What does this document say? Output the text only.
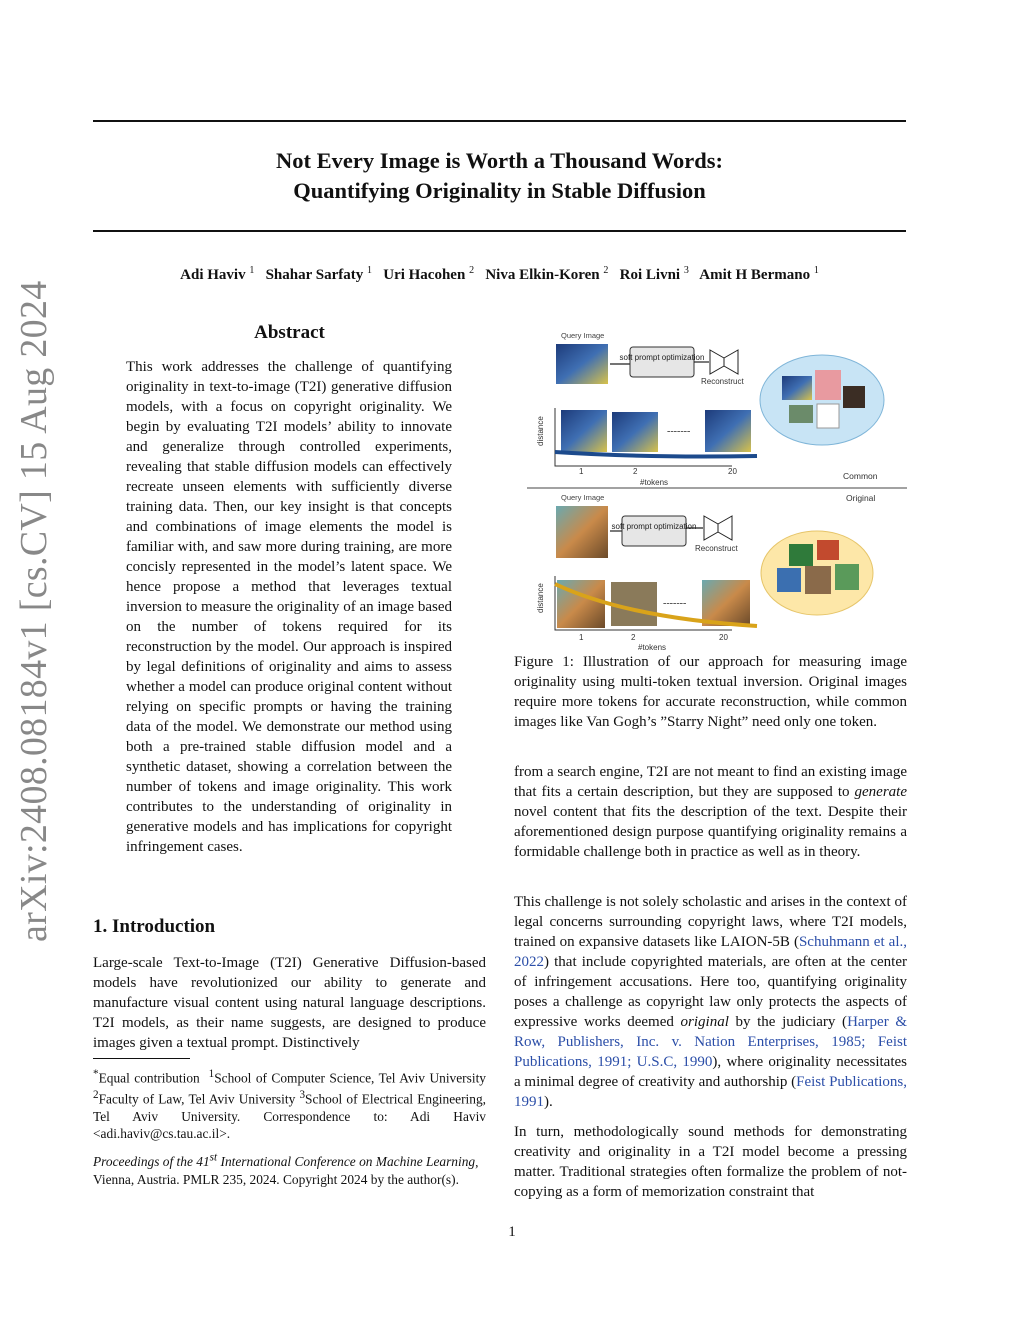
arXiv:2408.08184v1 [cs.CV] 15 Aug 2024
Not Every Image is Worth a Thousand Words:
Quantifying Originality in Stable Diffusion
Adi Haviv $^1$ Shahar Sarfaty $^1$ Uri Hacohen $^2$ Niva Elkin-Koren $^2$ Roi Livni $^3$ Amit H Bermano $^1$
Abstract
This work addresses the challenge of quantifying originality in text-to-image (T2I) generative diffusion models, with a focus on copyright originality. We begin by evaluating T2I models’ ability to innovate and generalize through controlled experiments, revealing that stable diffusion models can effectively recreate unseen elements with sufficiently diverse training data. Then, our key insight is that concepts and combinations of image elements the model is familiar with, and saw more during training, are more concisly represented in the model’s latent space. We hence propose a method that leverages textual inversion to measure the originality of an image based on the number of tokens required for its reconstruction by the model. Our approach is inspired by legal definitions of originality and aims to assess whether a model can produce original content without relying on specific prompts or having the training data of the model. We demonstrate our method using both a pre-trained stable diffusion model and a synthetic dataset, showing a correlation between the number of tokens and image originality. This work contributes to the understanding of originality in generative models and has implications for copyright infringement cases.
1. Introduction
Large-scale Text-to-Image (T2I) Generative Diffusion-based models have revolutionized our ability to generate and manufacture visual content using natural language descriptions. T2I models, as their name suggests, are designed to produce images given a textual prompt. Distinctively
*Equal contribution $^1$School of Computer Science, Tel Aviv University $^2$Faculty of Law, Tel Aviv University $^3$School of Electrical Engineering, Tel Aviv University. Correspondence to: Adi Haviv <adi.haviv@cs.tau.ac.il>.
Proceedings of the 41st International Conference on Machine Learning, Vienna, Austria. PMLR 235, 2024. Copyright 2024 by the author(s).
Query Image
soft prompt optimization
Reconstruct
distance	-------
1	2	20
#tokens
Common
Original
Query Image
soft prompt optimization
Reconstruct
distance	-------
1	2	20
#tokens
Figure 1: Illustration of our approach for measuring image originality using multi-token textual inversion. Original images require more tokens for accurate reconstruction, while common images like Van Gogh’s ”Starry Night” need only one token.
from a search engine, T2I are not meant to find an existing image that fits a certain description, but they are supposed to generate novel content that fits the description of the text. Despite their aforementioned design purpose quantifying originality remains a formidable challenge both in practice as well as in theory.
This challenge is not solely scholastic and arises in the context of legal concerns surrounding copyright laws, where T2I models, trained on expansive datasets like LAION-5B (Schuhmann et al., 2022) that include copyrighted materials, are often at the center of infringement accusations. Here too, quantifying originality poses a challenge as copyright law only protects the aspects of expressive works deemed original by the judiciary (Harper & Row, Publishers, Inc. v. Nation Enterprises, 1985; Feist Publications, 1991; U.S.C, 1990), where originality necessitates a minimal degree of creativity and authorship (Feist Publications, 1991).
In turn, methodologically sound methods for demonstrating creativity and originality in a T2I model become a pressing matter. Traditional strategies often formalize the problem of not-copying as a form of memorization constraint that
1
